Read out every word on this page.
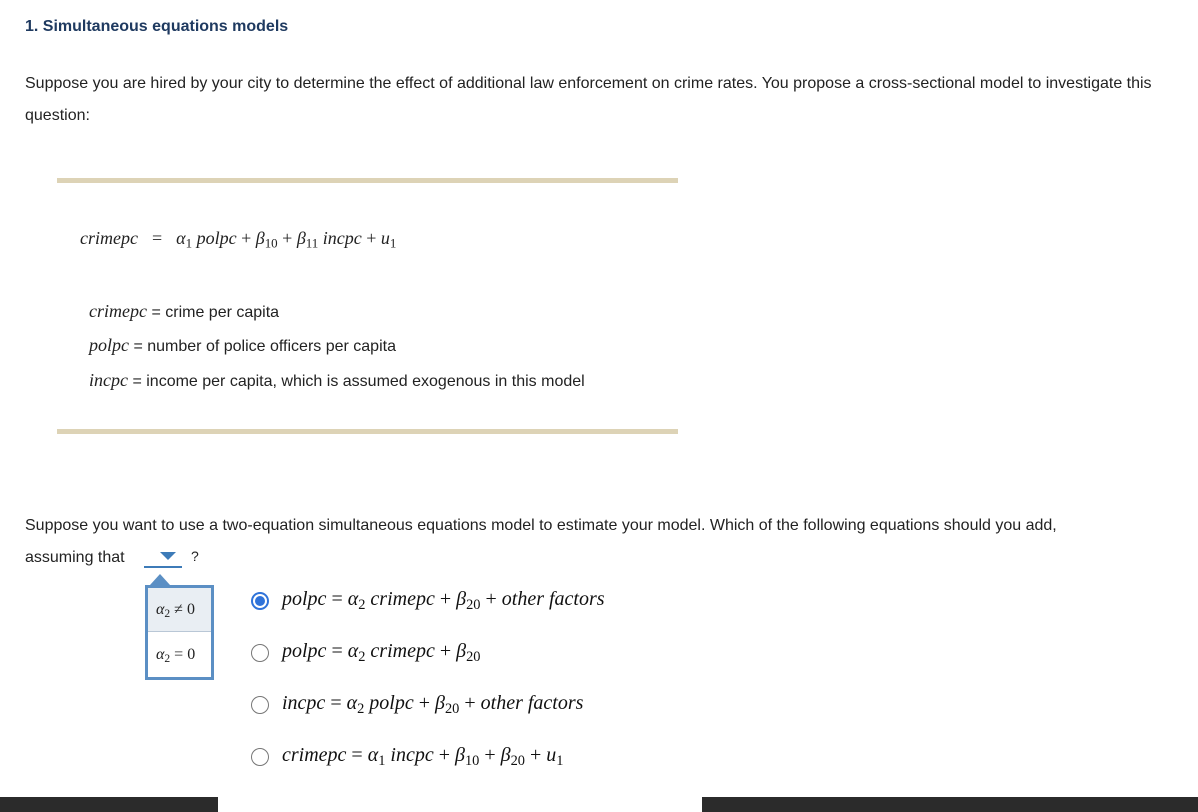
1. Simultaneous equations models
Suppose you are hired by your city to determine the effect of additional law enforcement on crime rates. You propose a cross-sectional model to investigate this question:
crimepc = $\alpha_1$ polpc + $\beta_{10} + \beta_{11}$ incpc + $u_1$
crimepc = crime per capita
polpc = number of police officers per capita
incpc = income per capita, which is assumed exogenous in this model
Suppose you want to use a two-equation simultaneous equations model to estimate your model. Which of the following equations should you add,
assuming that	?
$\alpha_2 \ne 0$
$\alpha_2 = 0$
polpc = $\alpha_2$ crimepc + $\beta_{20}$ + other factors
polpc = $\alpha_2$ crimepc + $\beta_{20}$
incpc = $\alpha_2$ polpc + $\beta_{20}$ + other factors
crimepc = $\alpha_1$ incpc + $\beta_{10} + \beta_{20} + u_1$
